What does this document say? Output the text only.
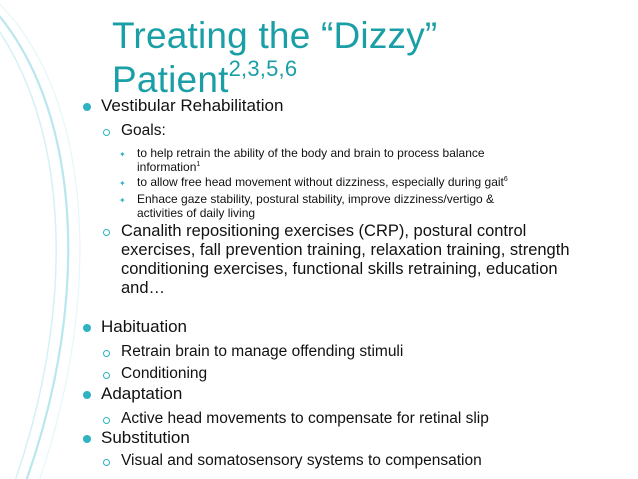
Treating the “Dizzy” Patient$^{2,3,5,6}$
Vestibular Rehabilitation
Goals:
✦ to help retrain the ability of the body and brain to process balance
information$^1$
✦ to allow free head movement without dizziness, especially during gait$^6$
✦ Enhace gaze stability, postural stability, improve dizziness/vertigo &
activities of daily living
Canalith repositioning exercises (CRP), postural control
exercises, fall prevention training, relaxation training, strength
conditioning exercises, functional skills retraining, education
and…
Habituation
Retrain brain to manage offending stimuli
Conditioning
Adaptation
Active head movements to compensate for retinal slip
Substitution
Visual and somatosensory systems to compensation
